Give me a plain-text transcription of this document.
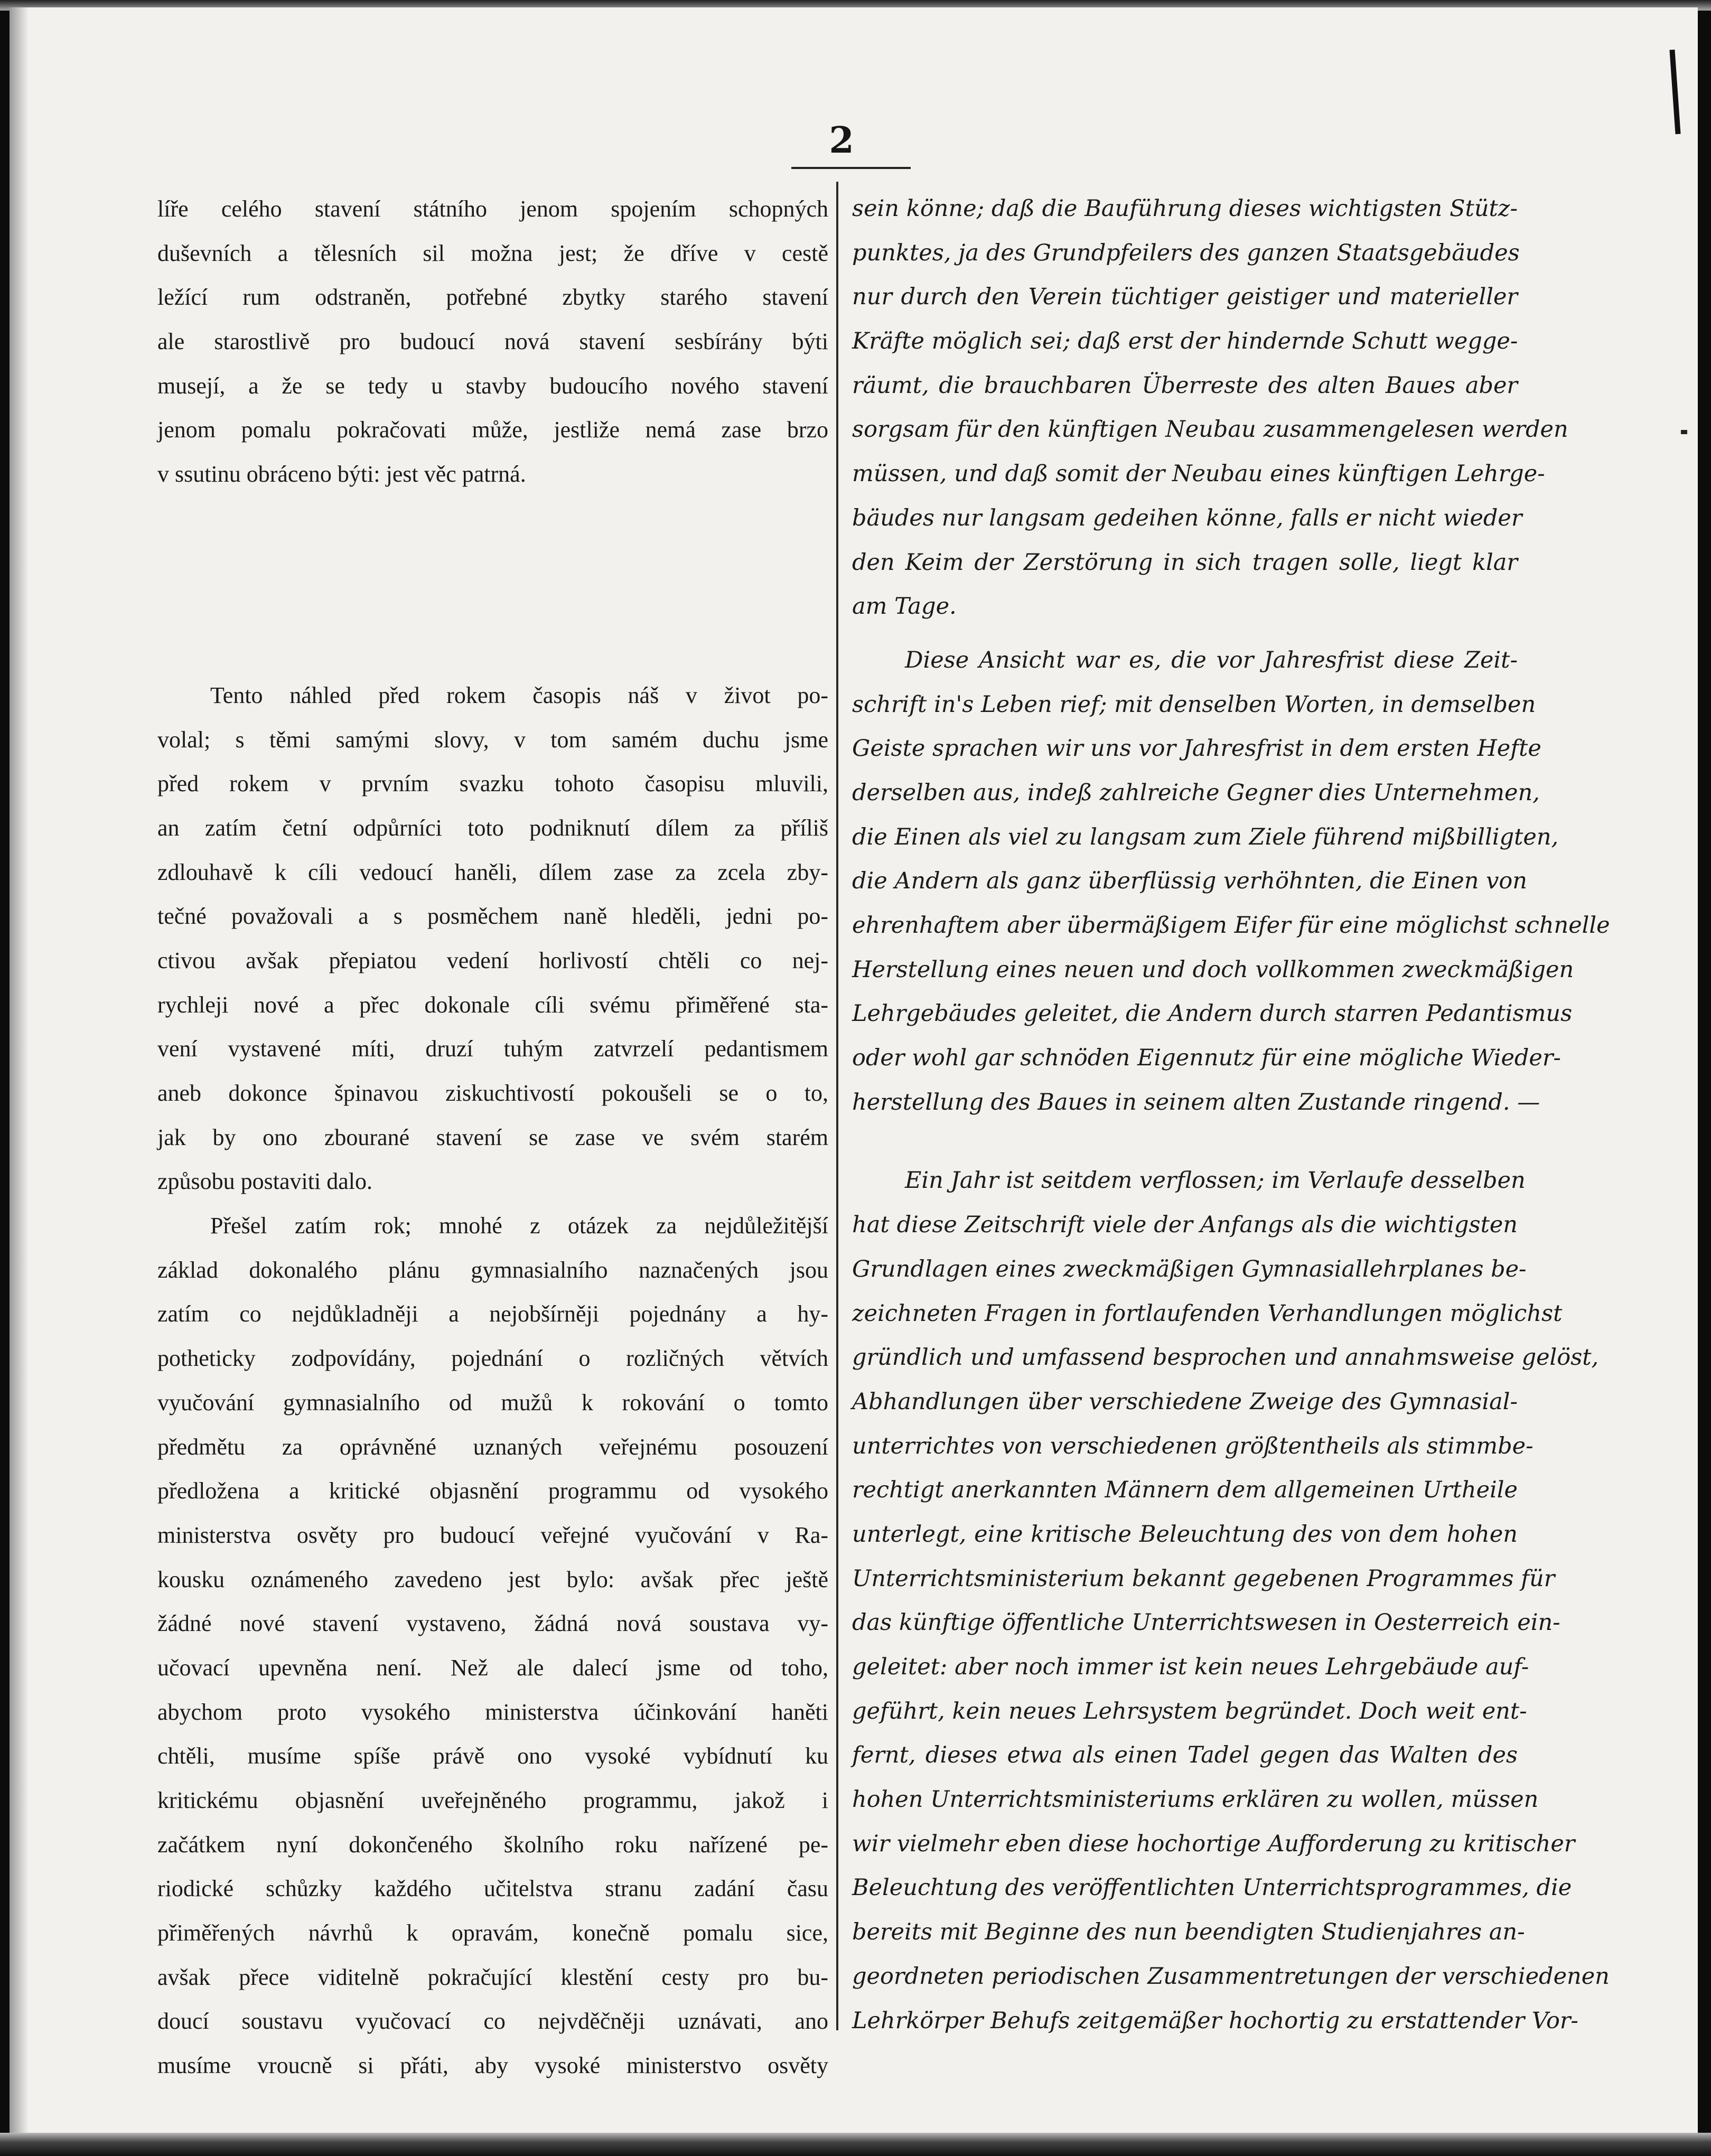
2
líře celého stavení státního jenom spojením schopných
duševních a tělesních sil možna jest; že dříve v cestě
ležící rum odstraněn, potřebné zbytky starého stavení
ale starostlivě pro budoucí nová stavení sesbírány býti
musejí, a že se tedy u stavby budoucího nového stavení
jenom pomalu pokračovati může, jestliže nemá zase brzo
v ssutinu obráceno býti: jest věc patrná.
Tento náhled před rokem časopis náš v život po-
volal; s těmi samými slovy, v tom samém duchu jsme
před rokem v prvním svazku tohoto časopisu mluvili,
an zatím četní odpůrníci toto podniknutí dílem za příliš
zdlouhavě k cíli vedoucí haněli, dílem zase za zcela zby-
tečné považovali a s posměchem naně hleděli, jedni po-
ctivou avšak přepiatou vedení horlivostí chtěli co nej-
rychleji nové a přec dokonale cíli svému přiměřené sta-
vení vystavené míti, druzí tuhým zatvrzelí pedantismem
aneb dokonce špinavou ziskuchtivostí pokoušeli se o to,
jak by ono zbourané stavení se zase ve svém starém
způsobu postaviti dalo.
Přešel zatím rok; mnohé z otázek za nejdůležitější
základ dokonalého plánu gymnasialního naznačených jsou
zatím co nejdůkladněji a nejobšírněji pojednány a hy-
potheticky zodpovídány, pojednání o rozličných větvích
vyučování gymnasialního od mužů k rokování o tomto
předmětu za oprávněné uznaných veřejnému posouzení
předložena a kritické objasnění programmu od vysokého
ministerstva osvěty pro budoucí veřejné vyučování v Ra-
kousku oznámeného zavedeno jest bylo: avšak přec ještě
žádné nové stavení vystaveno, žádná nová soustava vy-
učovací upevněna není. Než ale dalecí jsme od toho,
abychom proto vysokého ministerstva účinkování haněti
chtěli, musíme spíše právě ono vysoké vybídnutí ku
kritickému objasnění uveřejněného programmu, jakož i
začátkem nyní dokončeného školního roku nařízené pe-
riodické schůzky každého učitelstva stranu zadání času
přiměřených návrhů k opravám, konečně pomalu sice,
avšak přece viditelně pokračující klestění cesty pro bu-
doucí soustavu vyučovací co nejvděčněji uznávati, ano
musíme vroucně si přáti, aby vysoké ministerstvo osvěty
sein könne; daß die Bauführung dieses wichtigsten Stütz-
punktes, ja des Grundpfeilers des ganzen Staatsgebäudes
nur durch den Verein tüchtiger geistiger und materieller
Kräfte möglich sei; daß erst der hindernde Schutt wegge-
räumt, die brauchbaren Überreste des alten Baues aber
sorgsam für den künftigen Neubau zusammengelesen werden
müssen, und daß somit der Neubau eines künftigen Lehrge-
bäudes nur langsam gedeihen könne, falls er nicht wieder
den Keim der Zerstörung in sich tragen solle, liegt klar
am Tage.
Diese Ansicht war es, die vor Jahresfrist diese Zeit-
schrift in's Leben rief; mit denselben Worten, in demselben
Geiste sprachen wir uns vor Jahresfrist in dem ersten Hefte
derselben aus, indeß zahlreiche Gegner dies Unternehmen,
die Einen als viel zu langsam zum Ziele führend mißbilligten,
die Andern als ganz überflüssig verhöhnten, die Einen von
ehrenhaftem aber übermäßigem Eifer für eine möglichst schnelle
Herstellung eines neuen und doch vollkommen zweckmäßigen
Lehrgebäudes geleitet, die Andern durch starren Pedantismus
oder wohl gar schnöden Eigennutz für eine mögliche Wieder-
herstellung des Baues in seinem alten Zustande ringend. —
Ein Jahr ist seitdem verflossen; im Verlaufe desselben
hat diese Zeitschrift viele der Anfangs als die wichtigsten
Grundlagen eines zweckmäßigen Gymnasiallehrplanes be-
zeichneten Fragen in fortlaufenden Verhandlungen möglichst
gründlich und umfassend besprochen und annahmsweise gelöst,
Abhandlungen über verschiedene Zweige des Gymnasial-
unterrichtes von verschiedenen größtentheils als stimmbe-
rechtigt anerkannten Männern dem allgemeinen Urtheile
unterlegt, eine kritische Beleuchtung des von dem hohen
Unterrichtsministerium bekannt gegebenen Programmes für
das künftige öffentliche Unterrichtswesen in Oesterreich ein-
geleitet: aber noch immer ist kein neues Lehrgebäude auf-
geführt, kein neues Lehrsystem begründet. Doch weit ent-
fernt, dieses etwa als einen Tadel gegen das Walten des
hohen Unterrichtsministeriums erklären zu wollen, müssen
wir vielmehr eben diese hochortige Aufforderung zu kritischer
Beleuchtung des veröffentlichten Unterrichtsprogrammes, die
bereits mit Beginne des nun beendigten Studienjahres an-
geordneten periodischen Zusammentretungen der verschiedenen
Lehrkörper Behufs zeitgemäßer hochortig zu erstattender Vor-
